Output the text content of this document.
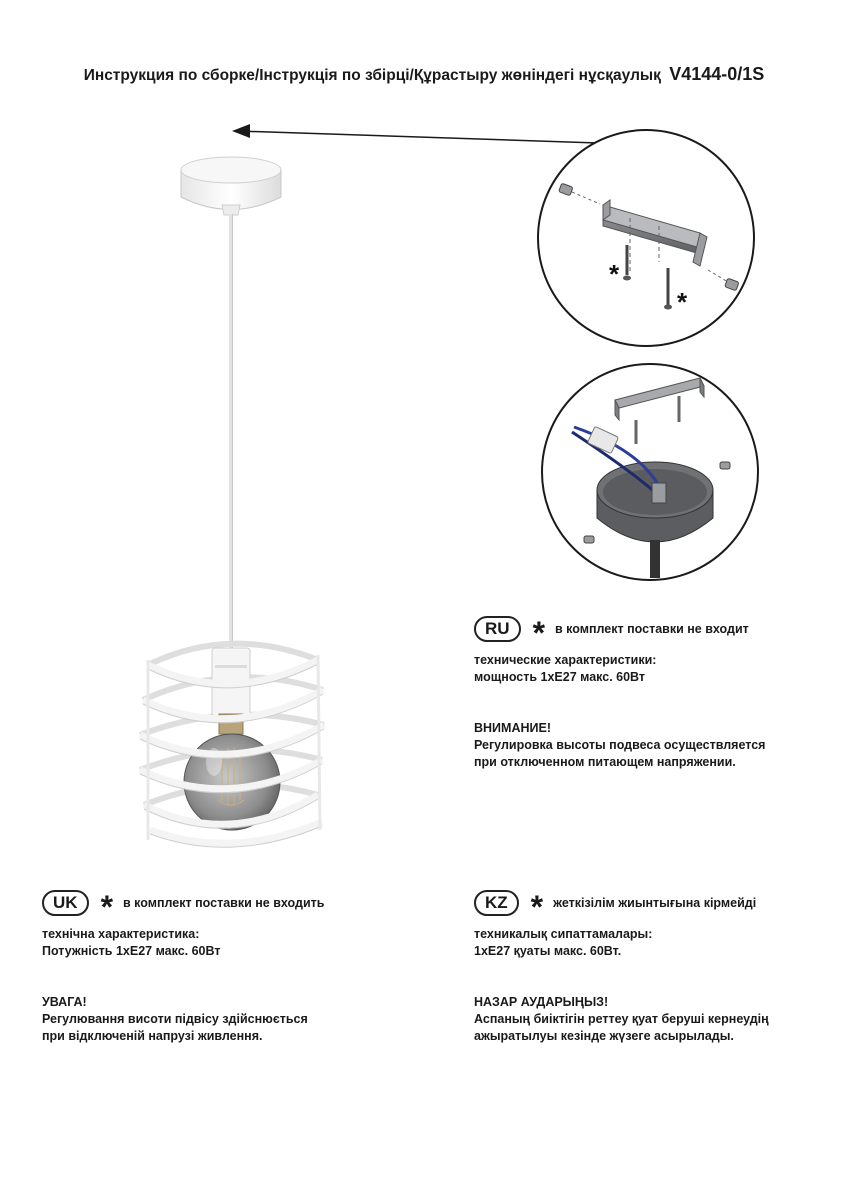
Инструкция по сборке/Інструкція по збірці/Құрастыру жөніндегі нұсқаулық V4144-0/1S
*
*
RU * в комплект поставки не входит
технические характеристики:
мощность 1хЕ27 макс. 60Вт
ВНИМАНИЕ!
Регулировка высоты подвеса осуществляется
при отключенном питающем напряжении.
UK * в комплект поставки не входить
технічна характеристика:
Потужність 1хЕ27 макс. 60Вт
УВАГА!
Регулювання висоти підвісу здійснюється
при відключеній напрузі живлення.
KZ * жеткізілім жиынтығына кірмейді
техникалық сипаттамалары:
1хЕ27 қуаты макс. 60Вт.
НАЗАР АУДАРЫҢЫЗ!
Аспаның биіктігін реттеу қуат беруші кернеудің
ажыратылуы кезінде жүзеге асырылады.
